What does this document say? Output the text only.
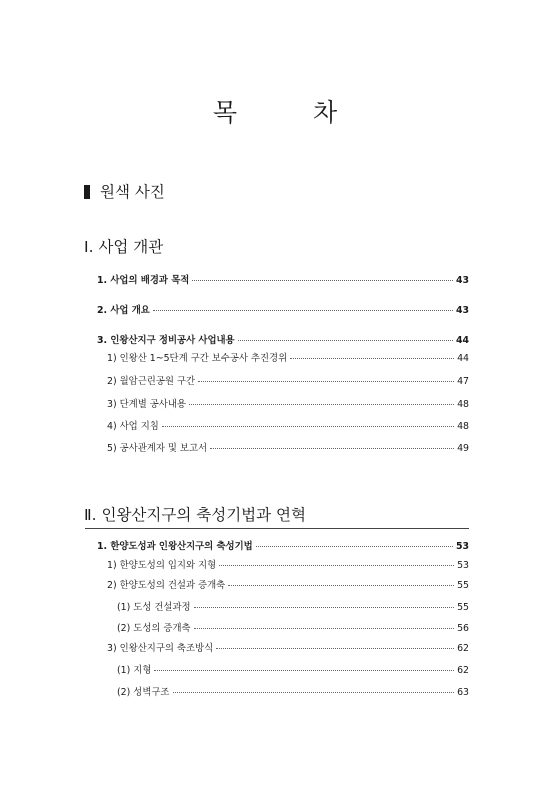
목 차
원색 사진
Ⅰ. 사업 개관
1. 사업의 배경과 목적	43
2. 사업 개요	43
3. 인왕산지구 정비공사 사업내용	44
1) 인왕산 1~5단계 구간 보수공사 추진경위	44
2) 월암근린공원 구간	47
3) 단계별 공사내용	48
4) 사업 지침	48
5) 공사관계자 및 보고서	49
Ⅱ. 인왕산지구의 축성기법과 연혁
1. 한양도성과 인왕산지구의 축성기법	53
1) 한양도성의 입지와 지형	53
2) 한양도성의 건설과 증개축	55
(1) 도성 건설과정	55
(2) 도성의 증개축	56
3) 인왕산지구의 축조방식	62
(1) 지형	62
(2) 성벽구조	63
